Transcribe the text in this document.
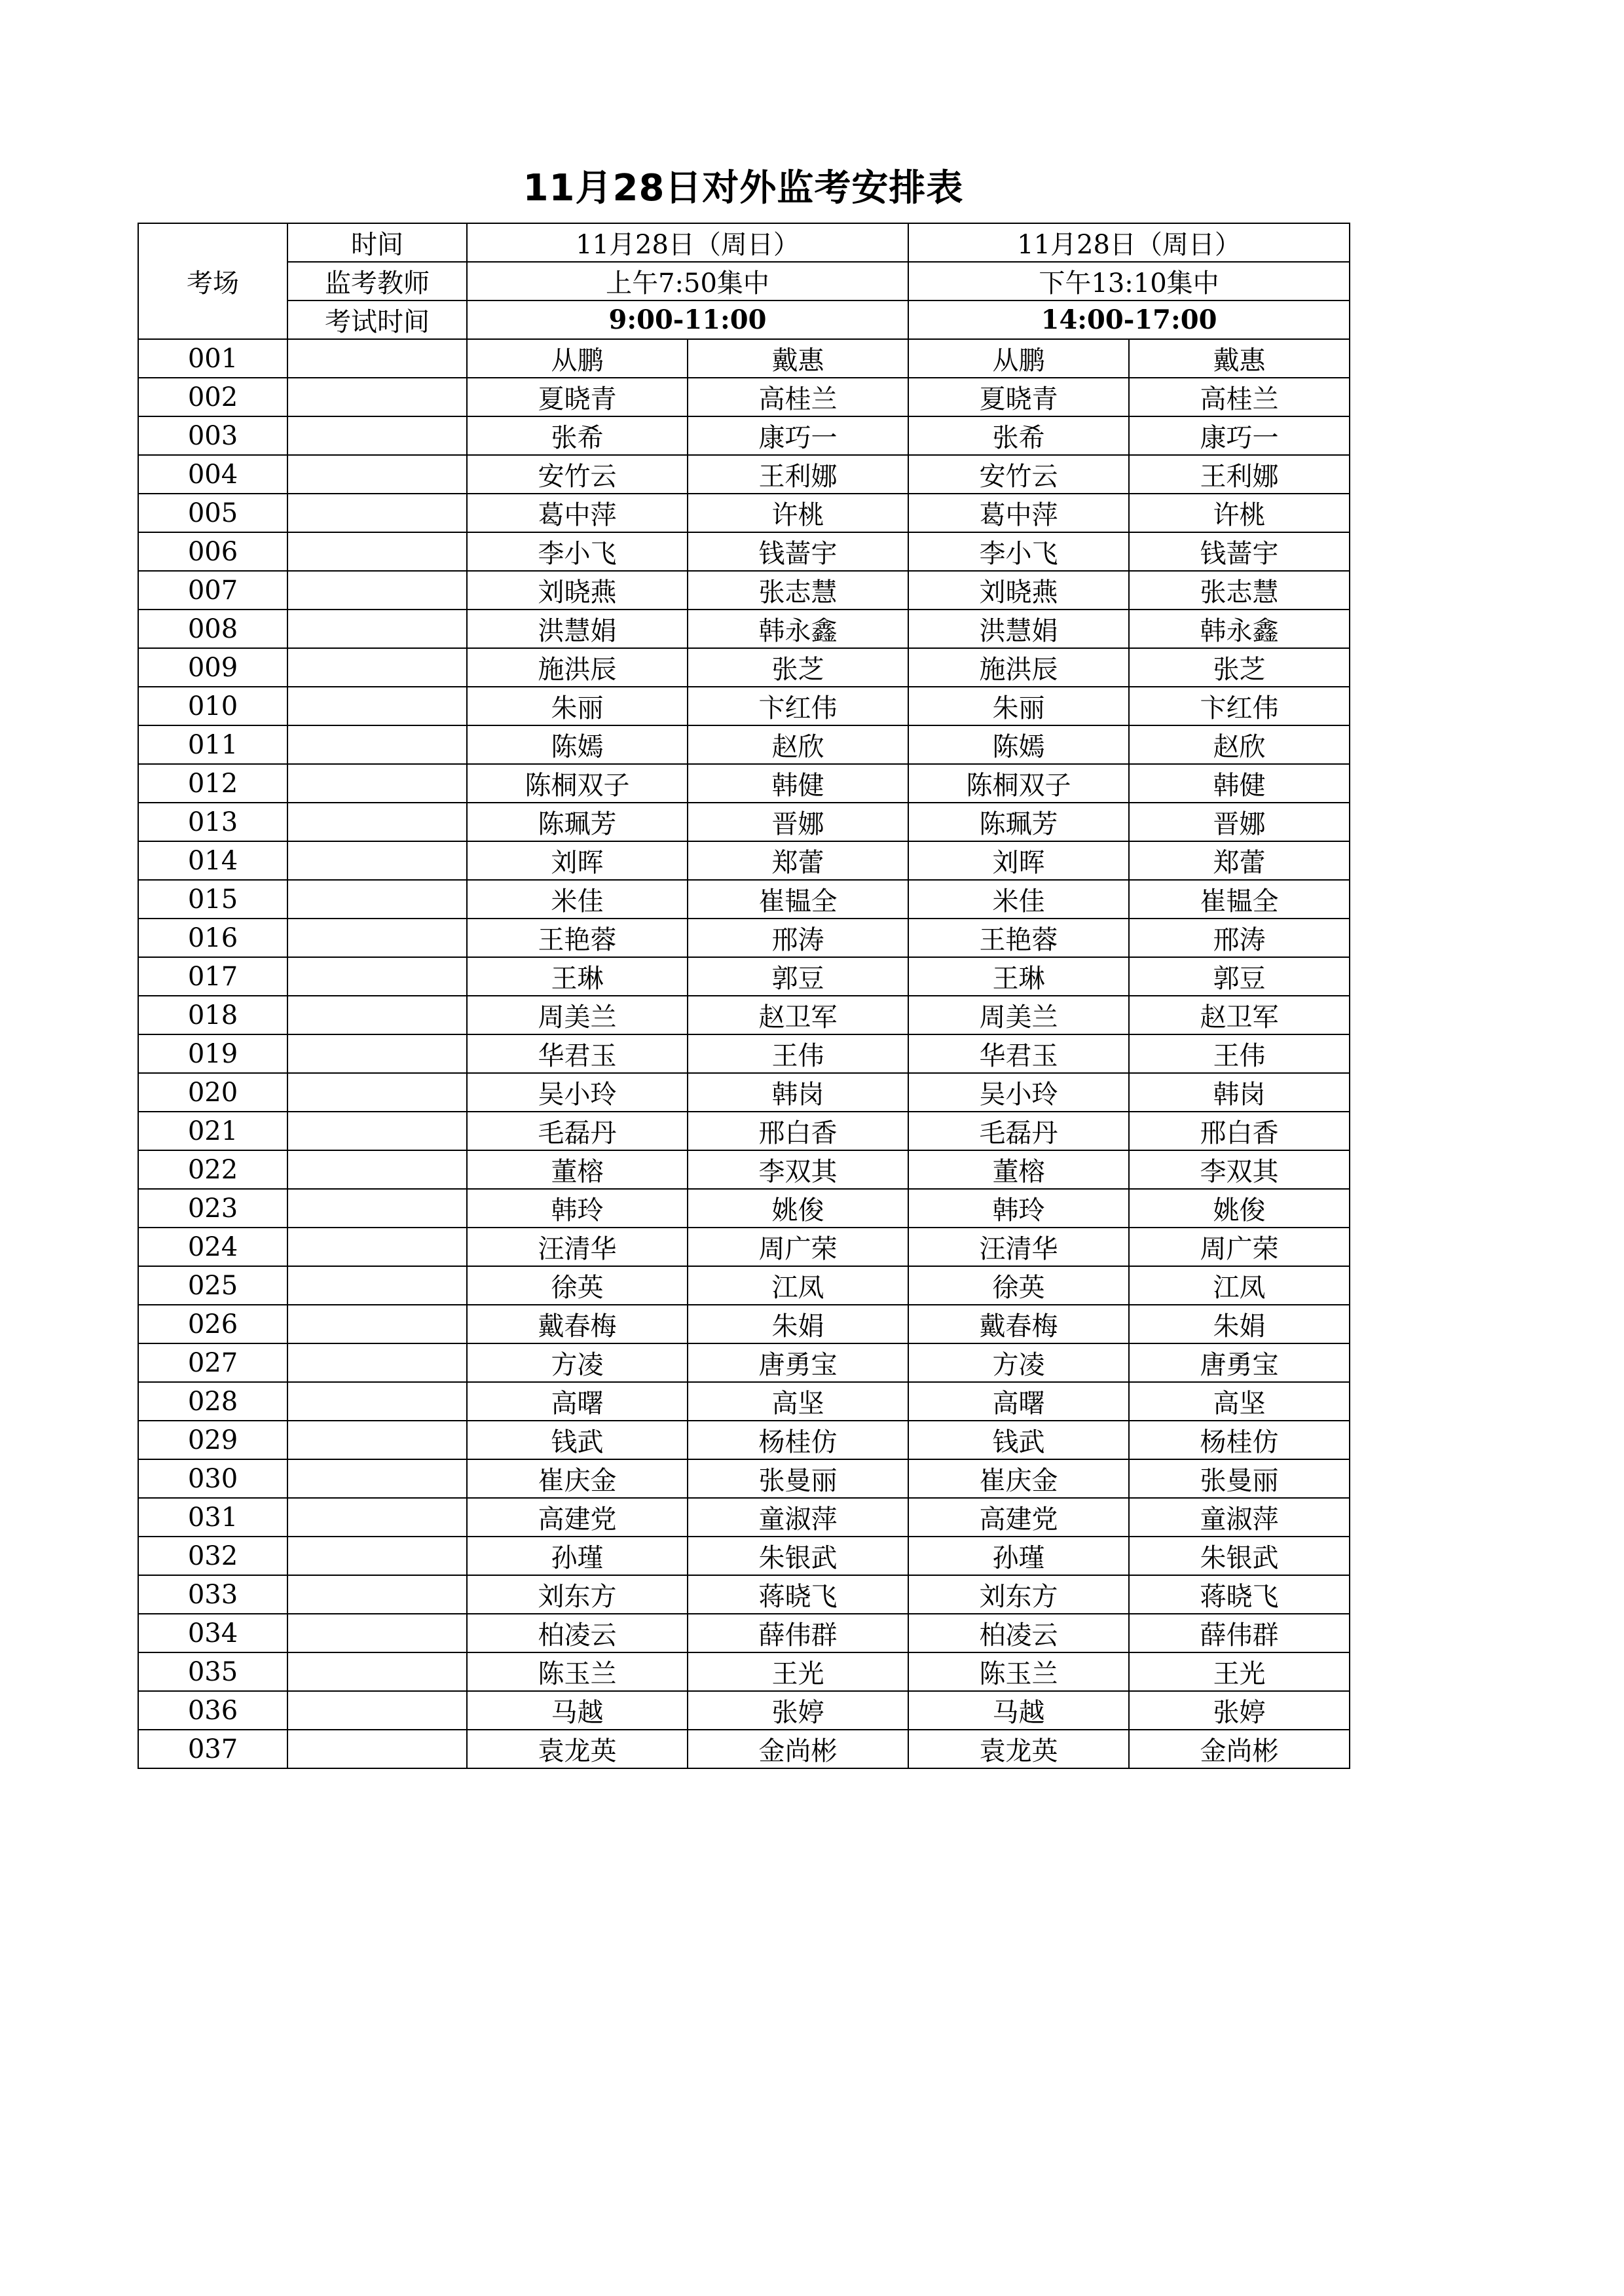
11月28日对外监考安排表
考场	时间	11月28日（周日）		11月28日（周日）	
	监考教师	上午7:50集中		下午13:10集中	
	考试时间	9:00-11:00		14:00-17:00	
001		从鹏	戴惠	从鹏	戴惠
002		夏晓青	高桂兰	夏晓青	高桂兰
003		张希	康巧一	张希	康巧一
004		安竹云	王利娜	安竹云	王利娜
005		葛中萍	许桃	葛中萍	许桃
006		李小飞	钱蔷宇	李小飞	钱蔷宇
007		刘晓燕	张志慧	刘晓燕	张志慧
008		洪慧娟	韩永鑫	洪慧娟	韩永鑫
009		施洪辰	张芝	施洪辰	张芝
010		朱丽	卞红伟	朱丽	卞红伟
011		陈嫣	赵欣	陈嫣	赵欣
012		陈桐双子	韩健	陈桐双子	韩健
013		陈珮芳	晋娜	陈珮芳	晋娜
014		刘晖	郑蕾	刘晖	郑蕾
015		米佳	崔韫全	米佳	崔韫全
016		王艳蓉	邢涛	王艳蓉	邢涛
017		王琳	郭豆	王琳	郭豆
018		周美兰	赵卫军	周美兰	赵卫军
019		华君玉	王伟	华君玉	王伟
020		吴小玲	韩岗	吴小玲	韩岗
021		毛磊丹	邢白香	毛磊丹	邢白香
022		董榕	李双其	董榕	李双其
023		韩玲	姚俊	韩玲	姚俊
024		汪清华	周广荣	汪清华	周广荣
025		徐英	江凤	徐英	江凤
026		戴春梅	朱娟	戴春梅	朱娟
027		方凌	唐勇宝	方凌	唐勇宝
028		高曙	高坚	高曙	高坚
029		钱武	杨桂仿	钱武	杨桂仿
030		崔庆金	张曼丽	崔庆金	张曼丽
031		高建党	童淑萍	高建党	童淑萍
032		孙瑾	朱银武	孙瑾	朱银武
033		刘东方	蒋晓飞	刘东方	蒋晓飞
034		柏凌云	薛伟群	柏凌云	薛伟群
035		陈玉兰	王光	陈玉兰	王光
036		马越	张婷	马越	张婷
037		袁龙英	金尚彬	袁龙英	金尚彬
